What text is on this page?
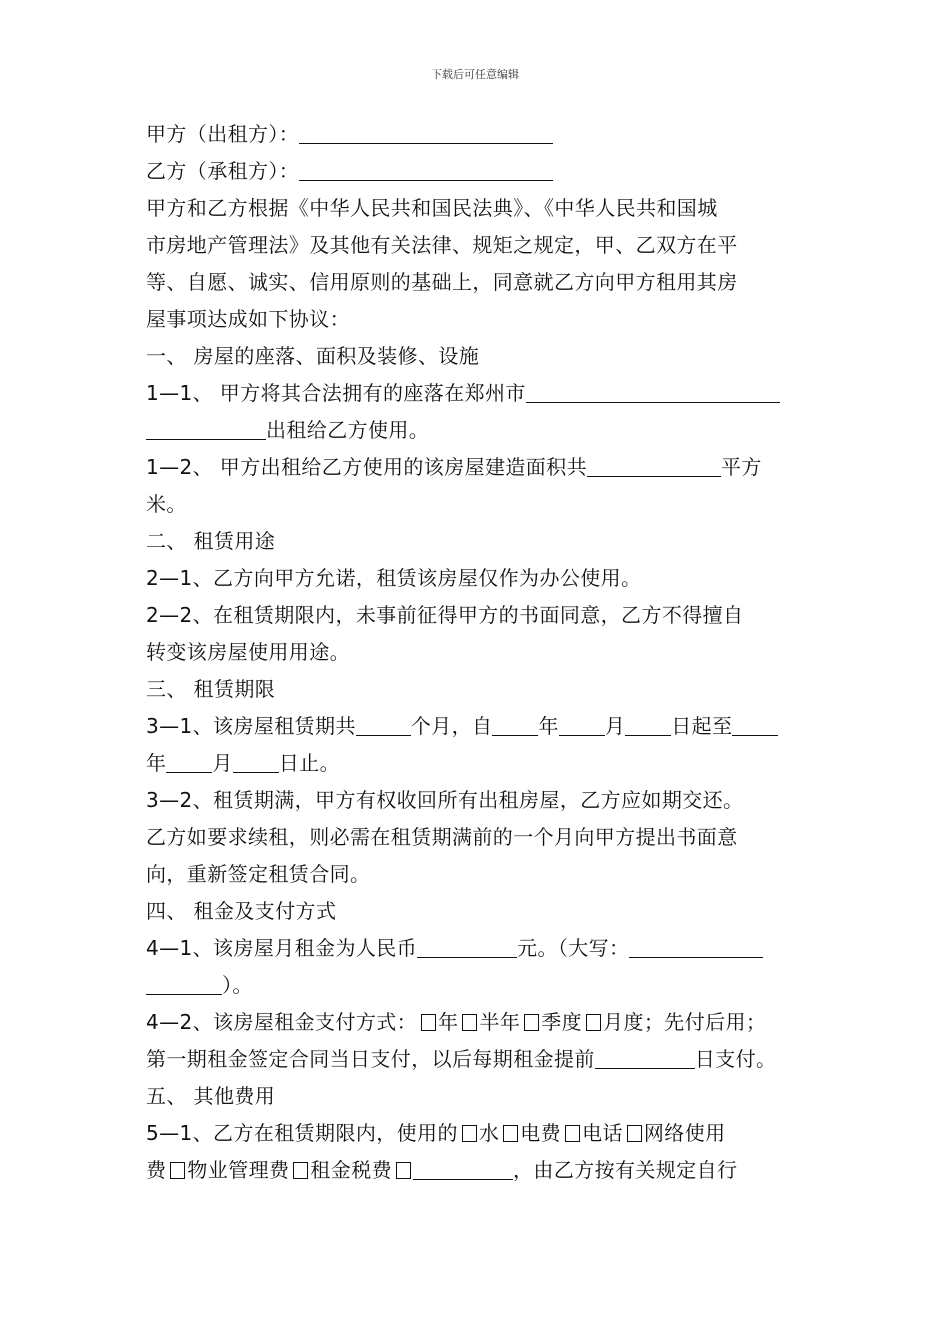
下载后可任意编辑
甲方（出租方）：
乙方（承租方）：
甲方和乙方根据《中华人民共和国民法典》、《中华人民共和国城
市房地产管理法》及其他有关法律、规矩之规定，甲、乙双方在平
等、自愿、诚实、信用原则的基础上，同意就乙方向甲方租用其房
屋事项达成如下协议：
一、 房屋的座落、面积及装修、设施
1—1、 甲方将其合法拥有的座落在郑州市
出租给乙方使用。
1—2、 甲方出租给乙方使用的该房屋建造面积共	平方
米。
二、 租赁用途
2—1、乙方向甲方允诺，租赁该房屋仅作为办公使用。
2—2、在租赁期限内，未事前征得甲方的书面同意，乙方不得擅自
转变该房屋使用用途。
三、 租赁期限
3—1、该房屋租赁期共	个月，自 年 月 日起至
年 月 日止。
3—2、租赁期满，甲方有权收回所有出租房屋，乙方应如期交还。
乙方如要求续租，则必需在租赁期满前的一个月向甲方提出书面意
向，重新签定租赁合同。
四、 租金及支付方式
4—1、该房屋月租金为人民币	元。（大写：
）。
4—2、该房屋租金支付方式： 年 半年 季度 月度；先付后用；
第一期租金签定合同当日支付，以后每期租金提前	日支付。
五、 其他费用
5—1、乙方在租赁期限内，使用的 水 电费 电话 网络使用
费 物业管理费 租金税费	，由乙方按有关规定自行
